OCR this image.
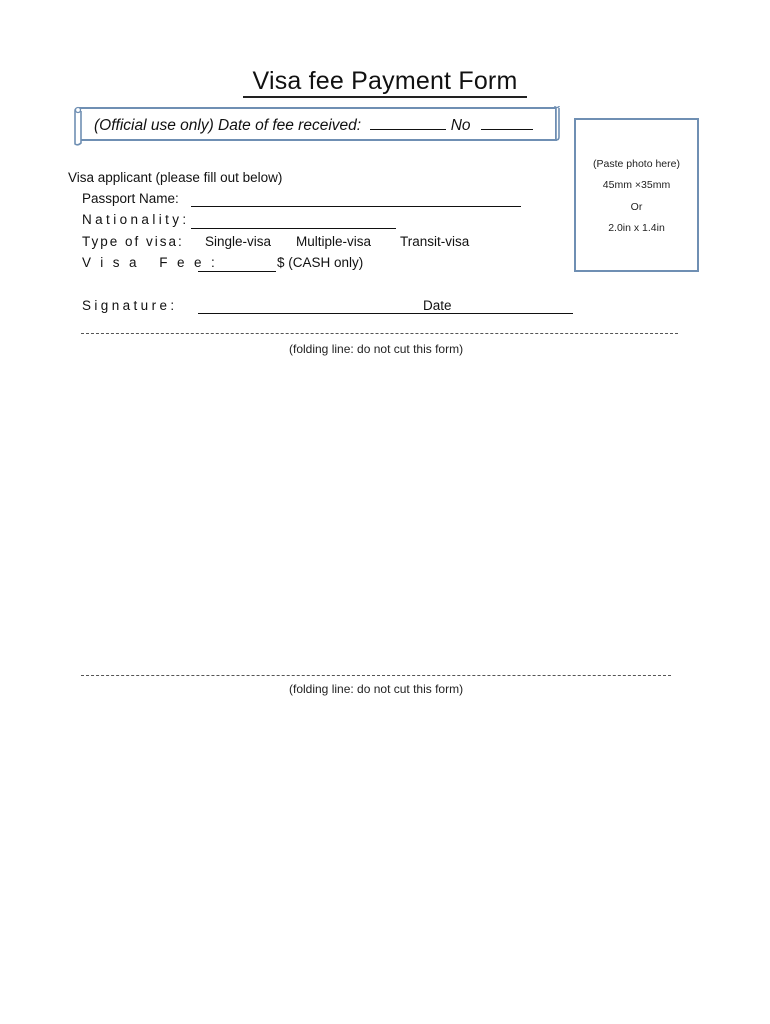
Visa fee Payment Form
(Official use only) Date of fee received:	No
(Paste photo here)
45mm ×35mm
Or
2.0in x 1.4in
Visa applicant (please fill out below)
Passport Name:
Nationality:
Type of visa: Single-visa Multiple-visa Transit-visa
Visa Fee:	$ (CASH only)
Signature:	Date
(folding line: do not cut this form)
(folding line: do not cut this form)
